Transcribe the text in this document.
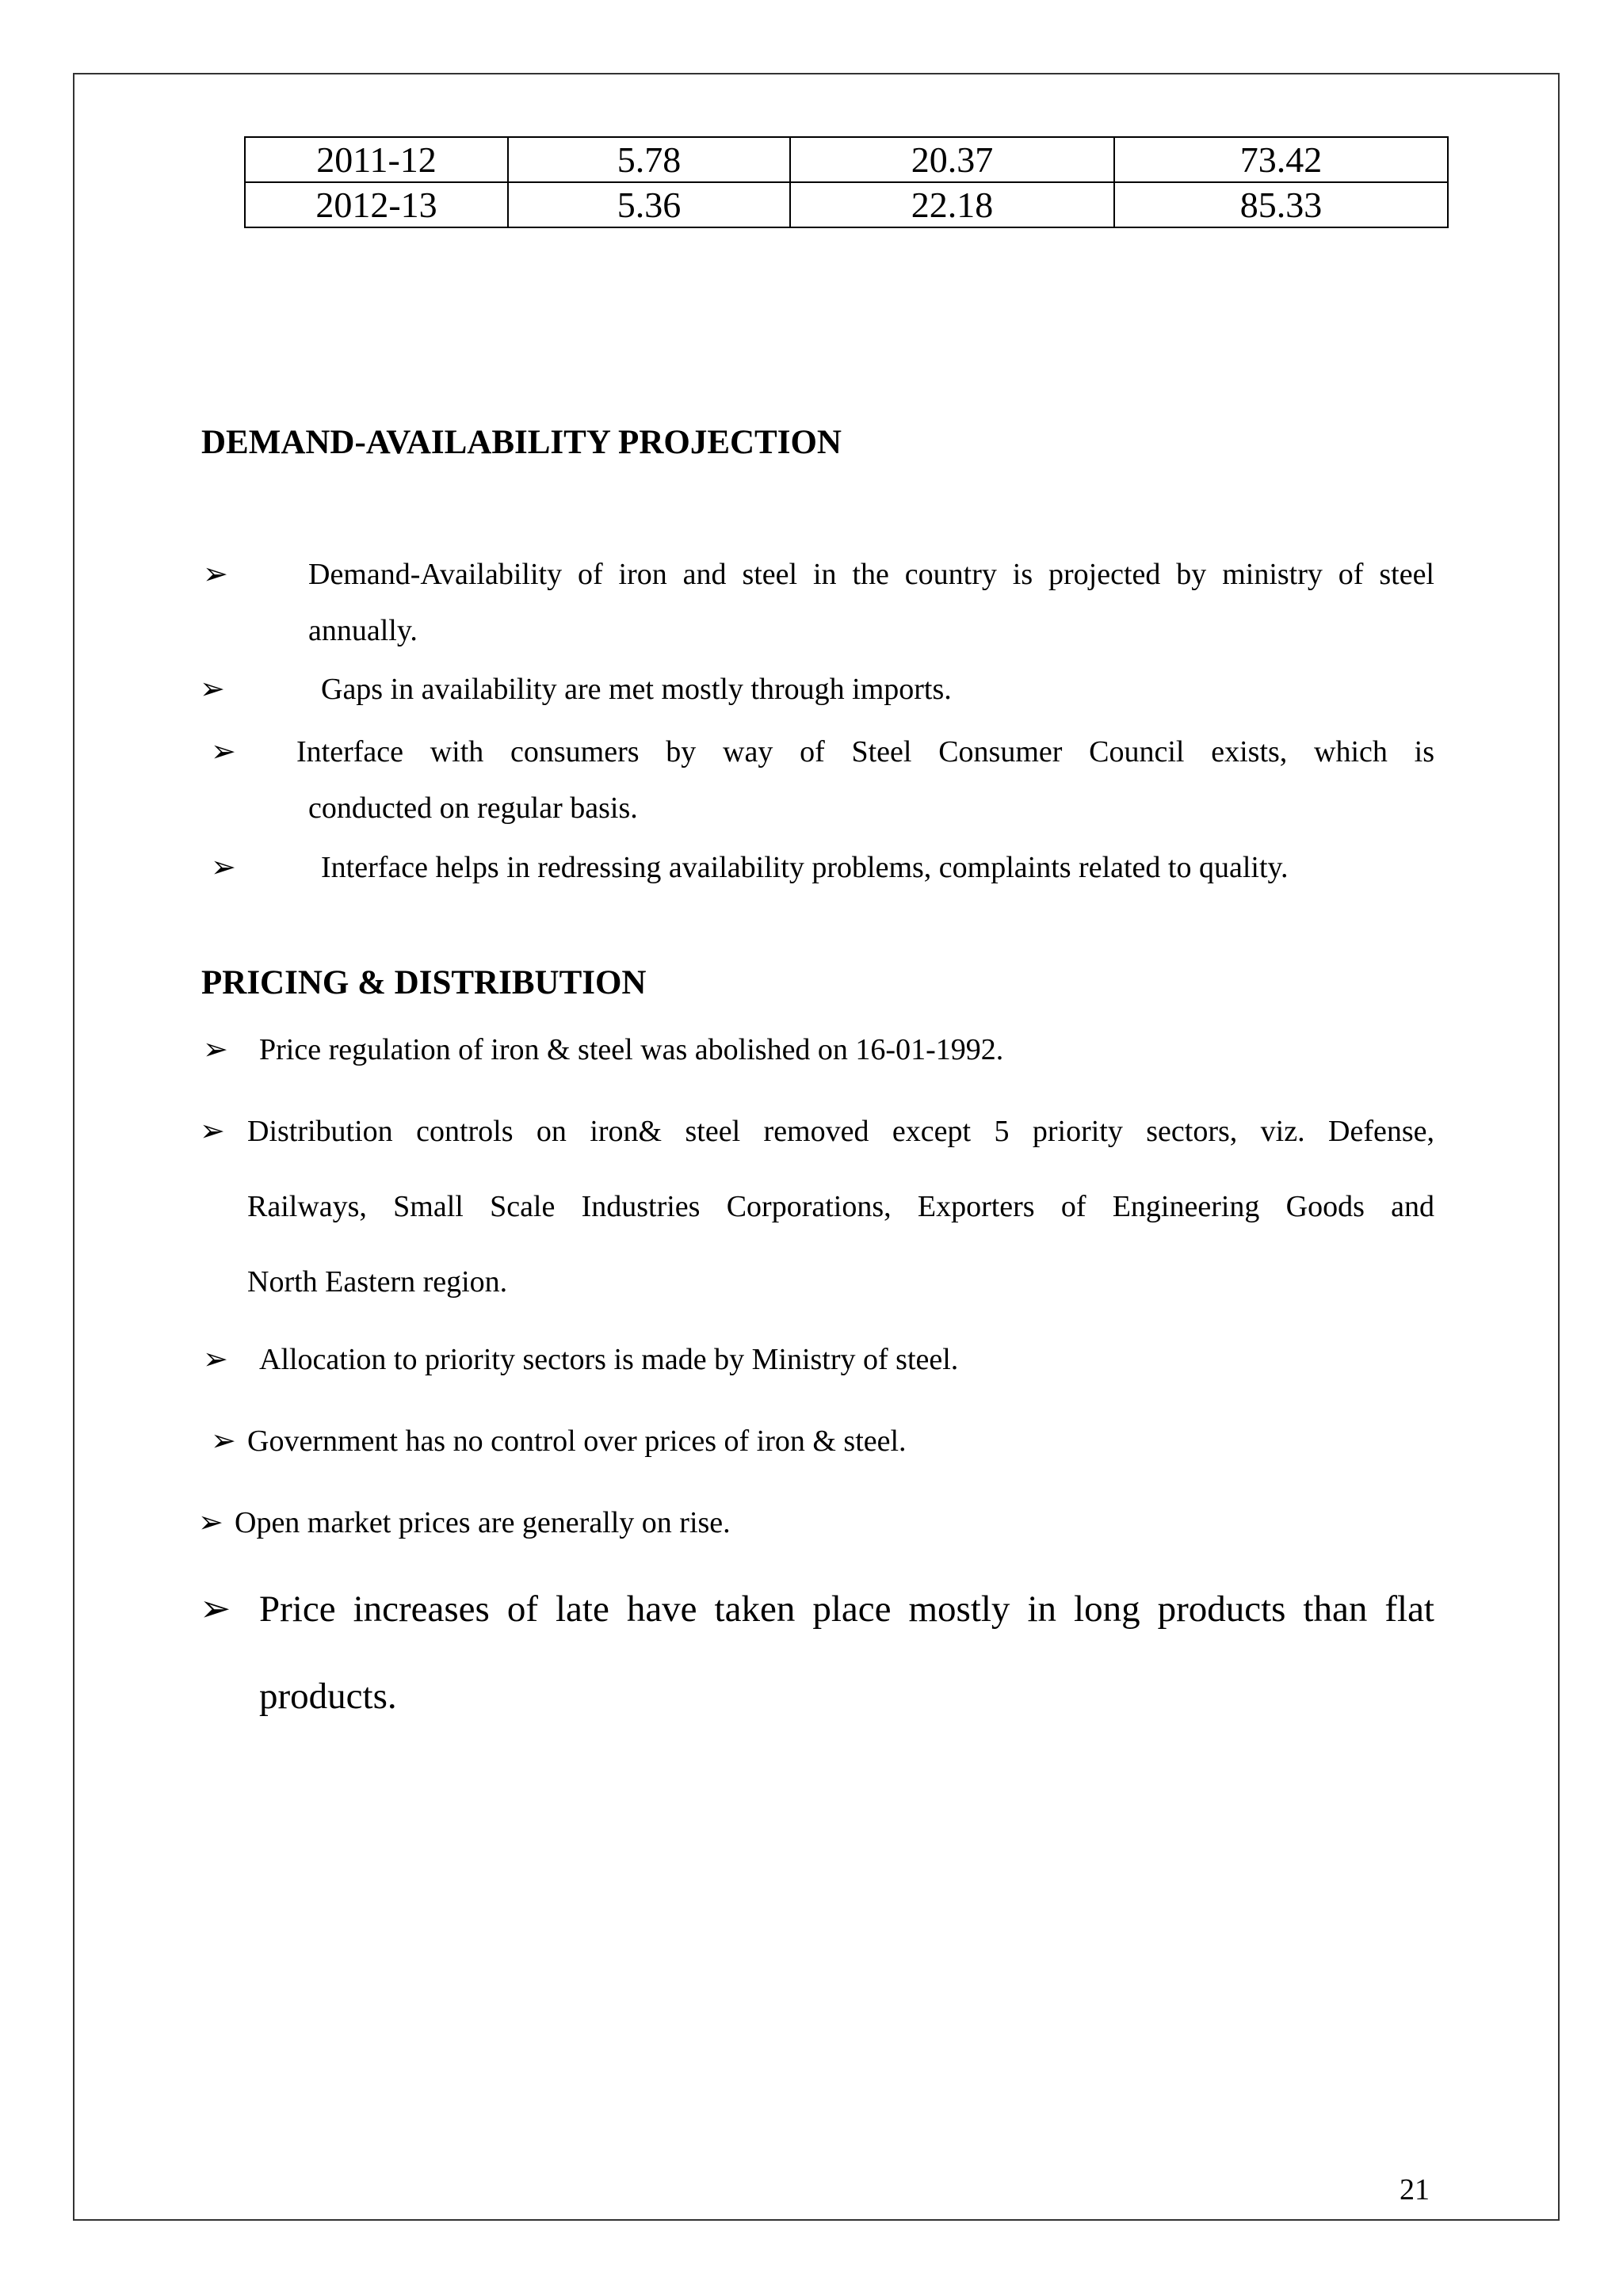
2011-12	5.78	20.37	73.42
2012-13	5.36	22.18	85.33
DEMAND-AVAILABILITY PROJECTION
➢	Demand-Availability of iron and steel in the country is projected by ministry of steel
annually.
➢	Gaps in availability are met mostly through imports.
➢ Interface with consumers by way of Steel Consumer Council exists, which is
conducted on regular basis.
➢	Interface helps in redressing availability problems, complaints related to quality.
PRICING & DISTRIBUTION
➢ Price regulation of iron & steel was abolished on 16-01-1992.
➢ Distribution controls on iron& steel removed except 5 priority sectors, viz. Defense,
Railways, Small Scale Industries Corporations, Exporters of Engineering Goods and
North Eastern region.
➢ Allocation to priority sectors is made by Ministry of steel.
➢ Government has no control over prices of iron & steel.
➢ Open market prices are generally on rise.
➢ Price increases of late have taken place mostly in long products than flat
products.
21
